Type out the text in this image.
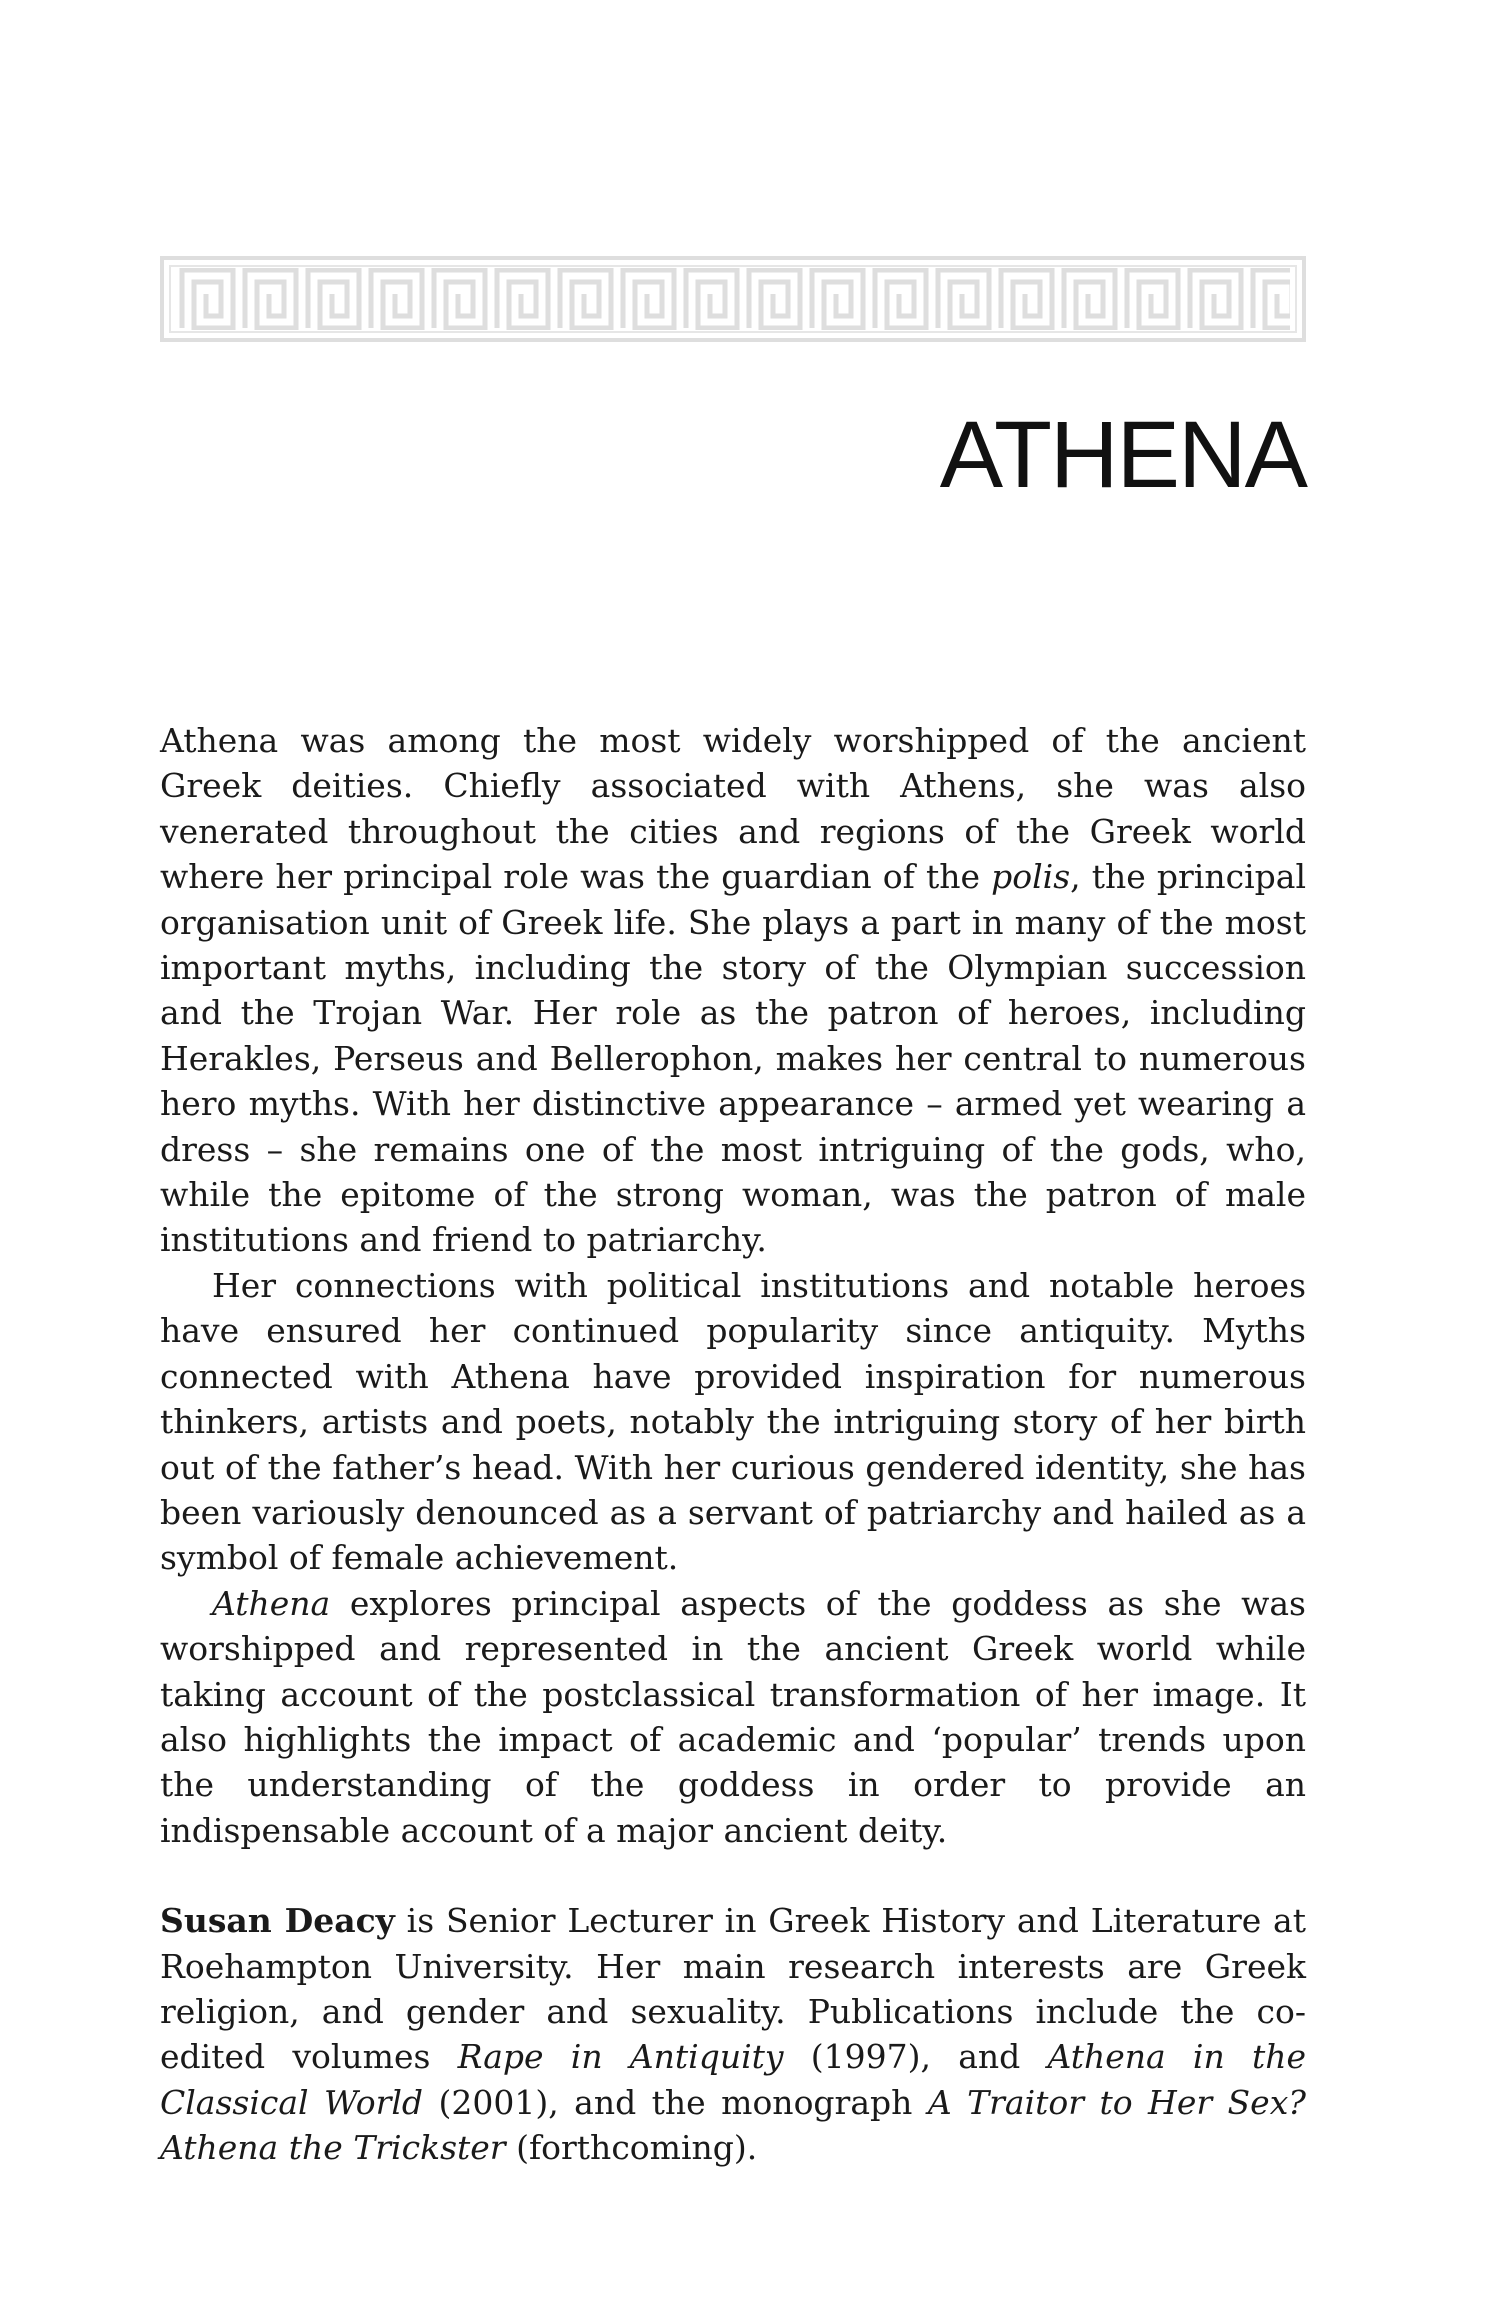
ATHENA

Athena was among the most widely worshipped of the ancient Greek deities. Chiefly associated with Athens, she was also venerated throughout the cities and regions of the Greek world where her principal role was the guardian of the polis, the principal organisation unit of Greek life. She plays a part in many of the most important myths, including the story of the Olympian succession and the Trojan War. Her role as the patron of heroes, including Herakles, Perseus and Bellerophon, makes her central to numerous hero myths. With her distinctive appearance – armed yet wearing a dress – she remains one of the most intriguing of the gods, who, while the epitome of the strong woman, was the patron of male institutions and friend to patriarchy.

Her connections with political institutions and notable heroes have ensured her continued popularity since antiquity. Myths connected with Athena have provided inspiration for numerous thinkers, artists and poets, notably the intriguing story of her birth out of the father’s head. With her curious gendered identity, she has been variously denounced as a servant of patriarchy and hailed as a symbol of female achievement.

Athena explores principal aspects of the goddess as she was worshipped and represented in the ancient Greek world while taking account of the postclassical transformation of her image. It also highlights the impact of academic and ‘popular’ trends upon the understanding of the goddess in order to provide an indispensable account of a major ancient deity.

Susan Deacy is Senior Lecturer in Greek History and Literature at Roehampton University. Her main research interests are Greek religion, and gender and sexuality. Publications include the co-edited volumes Rape in Antiquity (1997), and Athena in the Classical World (2001), and the monograph A Traitor to Her Sex? Athena the Trickster (forthcoming).
